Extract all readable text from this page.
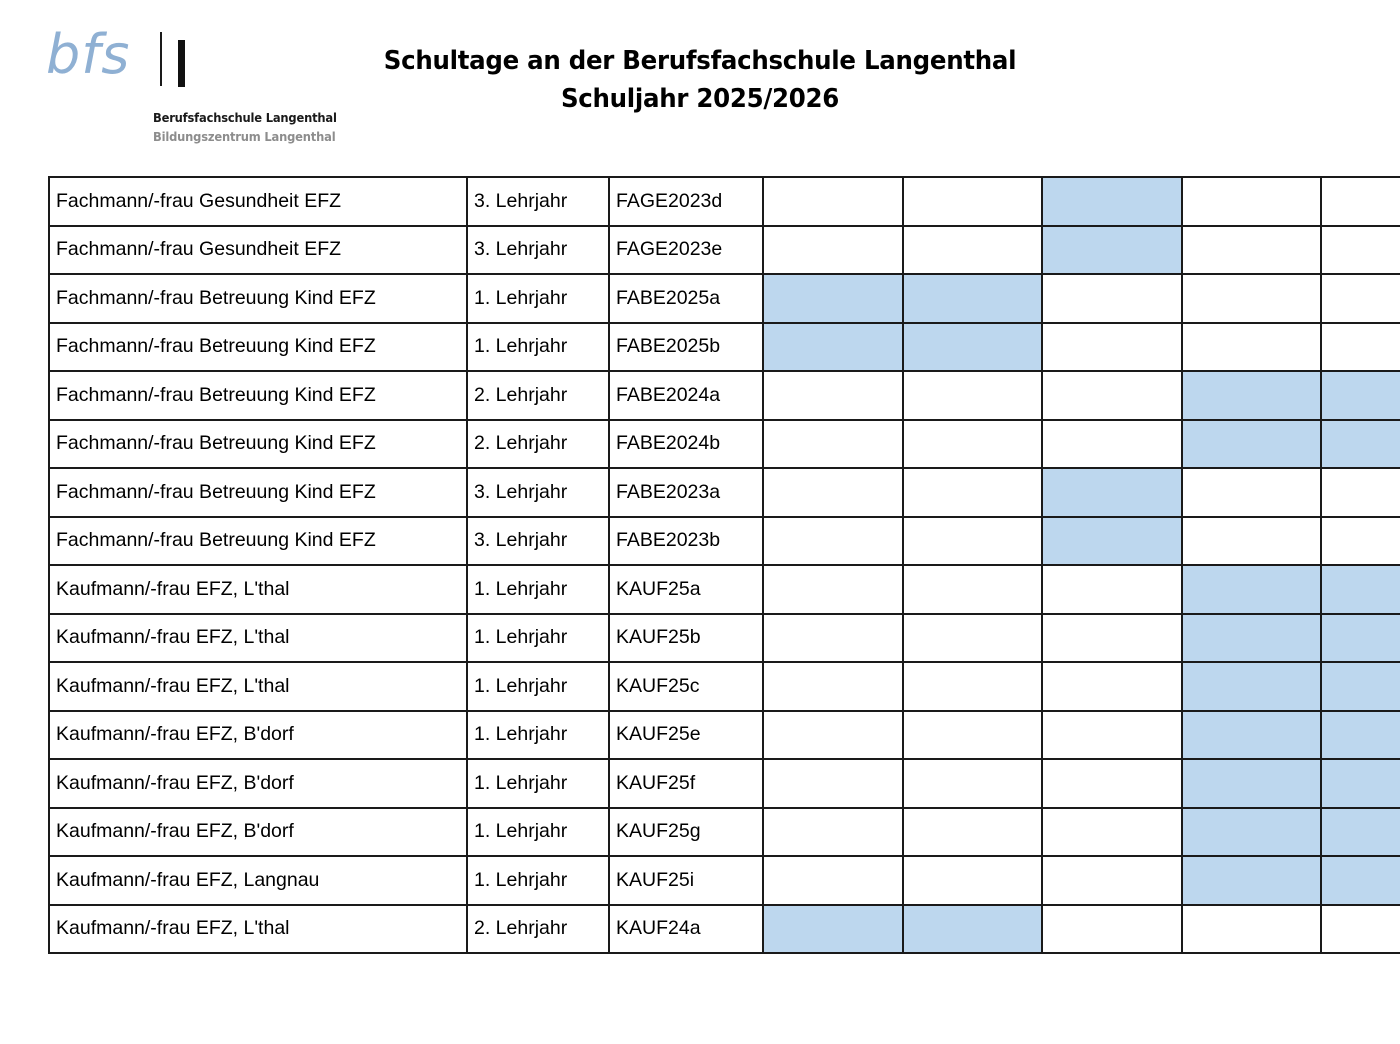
bfs
Berufsfachschule Langenthal
Bildungszentrum Langenthal
Schultage an der Berufsfachschule Langenthal
Schuljahr 2025/2026
Fachmann/-frau Gesundheit EFZ	3. Lehrjahr	FAGE2023d					
Fachmann/-frau Gesundheit EFZ	3. Lehrjahr	FAGE2023e					
Fachmann/-frau Betreuung Kind EFZ	1. Lehrjahr	FABE2025a					
Fachmann/-frau Betreuung Kind EFZ	1. Lehrjahr	FABE2025b					
Fachmann/-frau Betreuung Kind EFZ	2. Lehrjahr	FABE2024a					
Fachmann/-frau Betreuung Kind EFZ	2. Lehrjahr	FABE2024b					
Fachmann/-frau Betreuung Kind EFZ	3. Lehrjahr	FABE2023a					
Fachmann/-frau Betreuung Kind EFZ	3. Lehrjahr	FABE2023b					
Kaufmann/-frau EFZ, L'thal	1. Lehrjahr	KAUF25a					
Kaufmann/-frau EFZ, L'thal	1. Lehrjahr	KAUF25b					
Kaufmann/-frau EFZ, L'thal	1. Lehrjahr	KAUF25c					
Kaufmann/-frau EFZ, B'dorf	1. Lehrjahr	KAUF25e					
Kaufmann/-frau EFZ, B'dorf	1. Lehrjahr	KAUF25f					
Kaufmann/-frau EFZ, B'dorf	1. Lehrjahr	KAUF25g					
Kaufmann/-frau EFZ, Langnau	1. Lehrjahr	KAUF25i					
Kaufmann/-frau EFZ, L'thal	2. Lehrjahr	KAUF24a					
